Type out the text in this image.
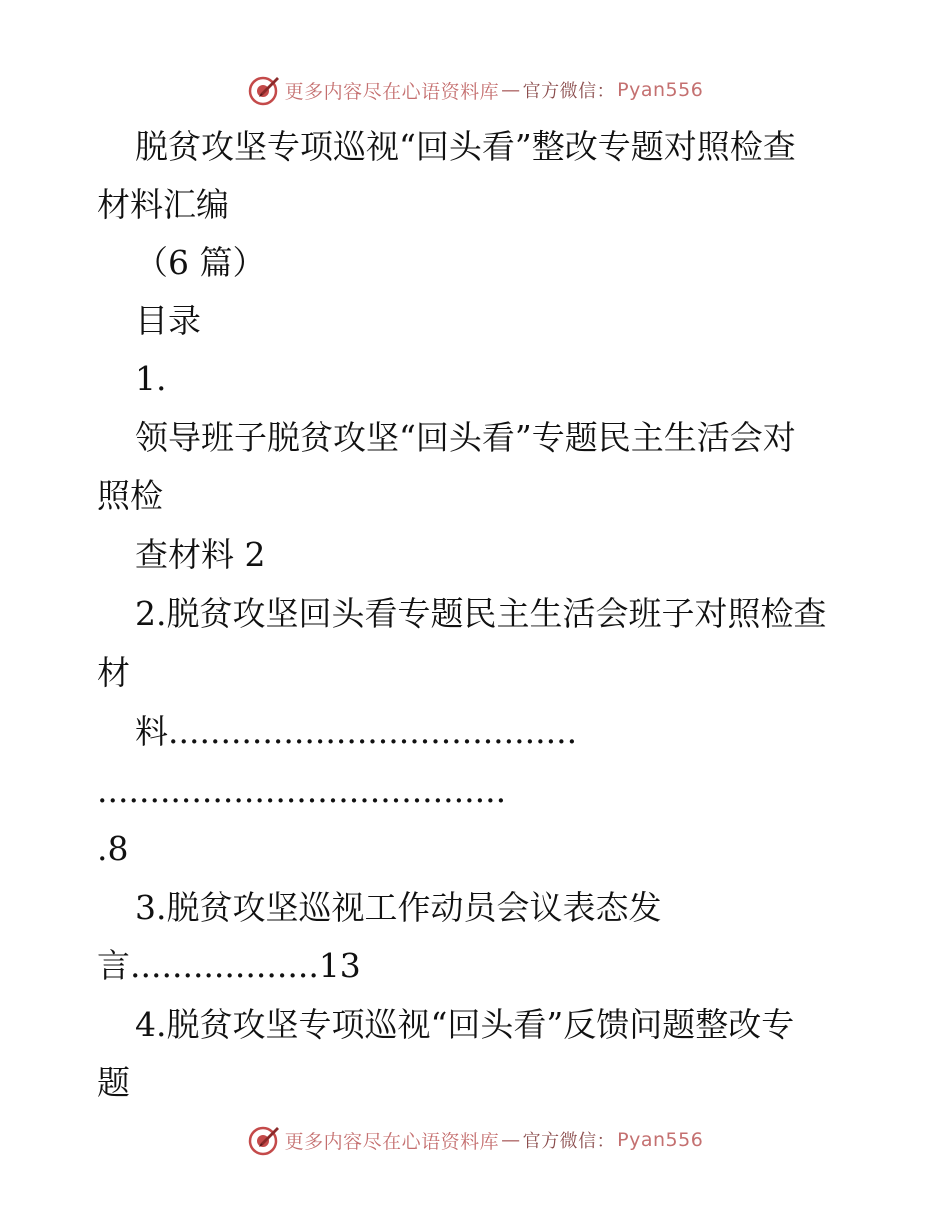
更多内容尽在心语资料库 — 官方微信： Pyan556
脱贫攻坚专项巡视“回头看”整改专题对照检查
材料汇编
（6 篇）
目录
1.
领导班子脱贫攻坚“回头看”专题民主生活会对
照检
查材料 2
2.脱贫攻坚回头看专题民主生活会班子对照检查
材
料.......................................
.......................................
.8
3.脱贫攻坚巡视工作动员会议表态发
言..................13
4.脱贫攻坚专项巡视“回头看”反馈问题整改专
题
更多内容尽在心语资料库 — 官方微信： Pyan556
